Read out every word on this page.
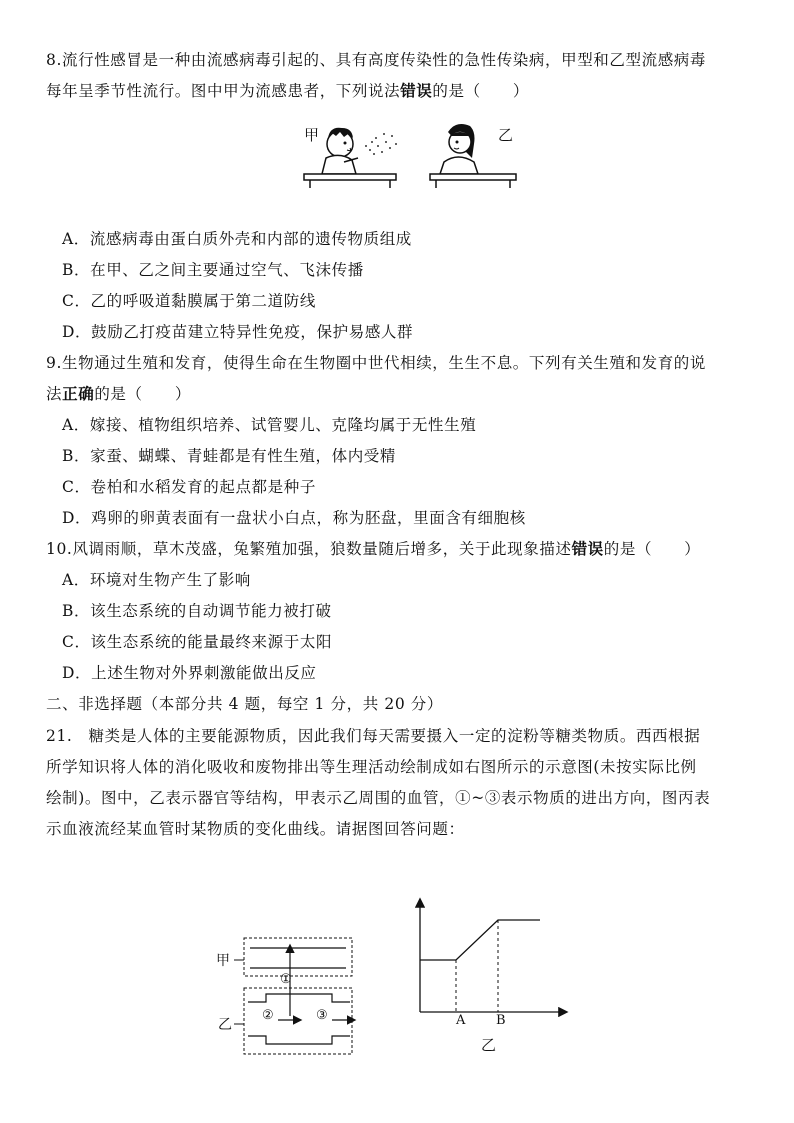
8.流行性感冒是一种由流感病毒引起的、具有高度传染性的急性传染病，甲型和乙型流感病毒
每年呈季节性流行。图中甲为流感患者，下列说法错误的是（　　）
甲	乙
A．流感病毒由蛋白质外壳和内部的遗传物质组成
B．在甲、乙之间主要通过空气、飞沫传播
C．乙的呼吸道黏膜属于第二道防线
D．鼓励乙打疫苗建立特异性免疫，保护易感人群
9.生物通过生殖和发育，使得生命在生物圈中世代相续，生生不息。下列有关生殖和发育的说
法正确的是（　　）
A．嫁接、植物组织培养、试管婴儿、克隆均属于无性生殖
B．家蚕、蝴蝶、青蛙都是有性生殖，体内受精
C．卷柏和水稻发育的起点都是种子
D．鸡卵的卵黄表面有一盘状小白点，称为胚盘，里面含有细胞核
10.风调雨顺，草木茂盛，兔繁殖加强，狼数量随后增多，关于此现象描述错误的是（　　）
A．环境对生物产生了影响
B．该生态系统的自动调节能力被打破
C．该生态系统的能量最终来源于太阳
D．上述生物对外界刺激能做出反应
二、非选择题（本部分共 4 题，每空 1 分，共 20 分）
21.　糖类是人体的主要能源物质，因此我们每天需要摄入一定的淀粉等糖类物质。西西根据
所学知识将人体的消化吸收和废物排出等生理活动绘制成如右图所示的示意图(未按实际比例
绘制)。图中，乙表示器官等结构，甲表示乙周围的血管，①~③表示物质的进出方向，图丙表
示血液流经某血管时某物质的变化曲线。请据图回答问题：
甲
乙
①
②	③	A B
乙
